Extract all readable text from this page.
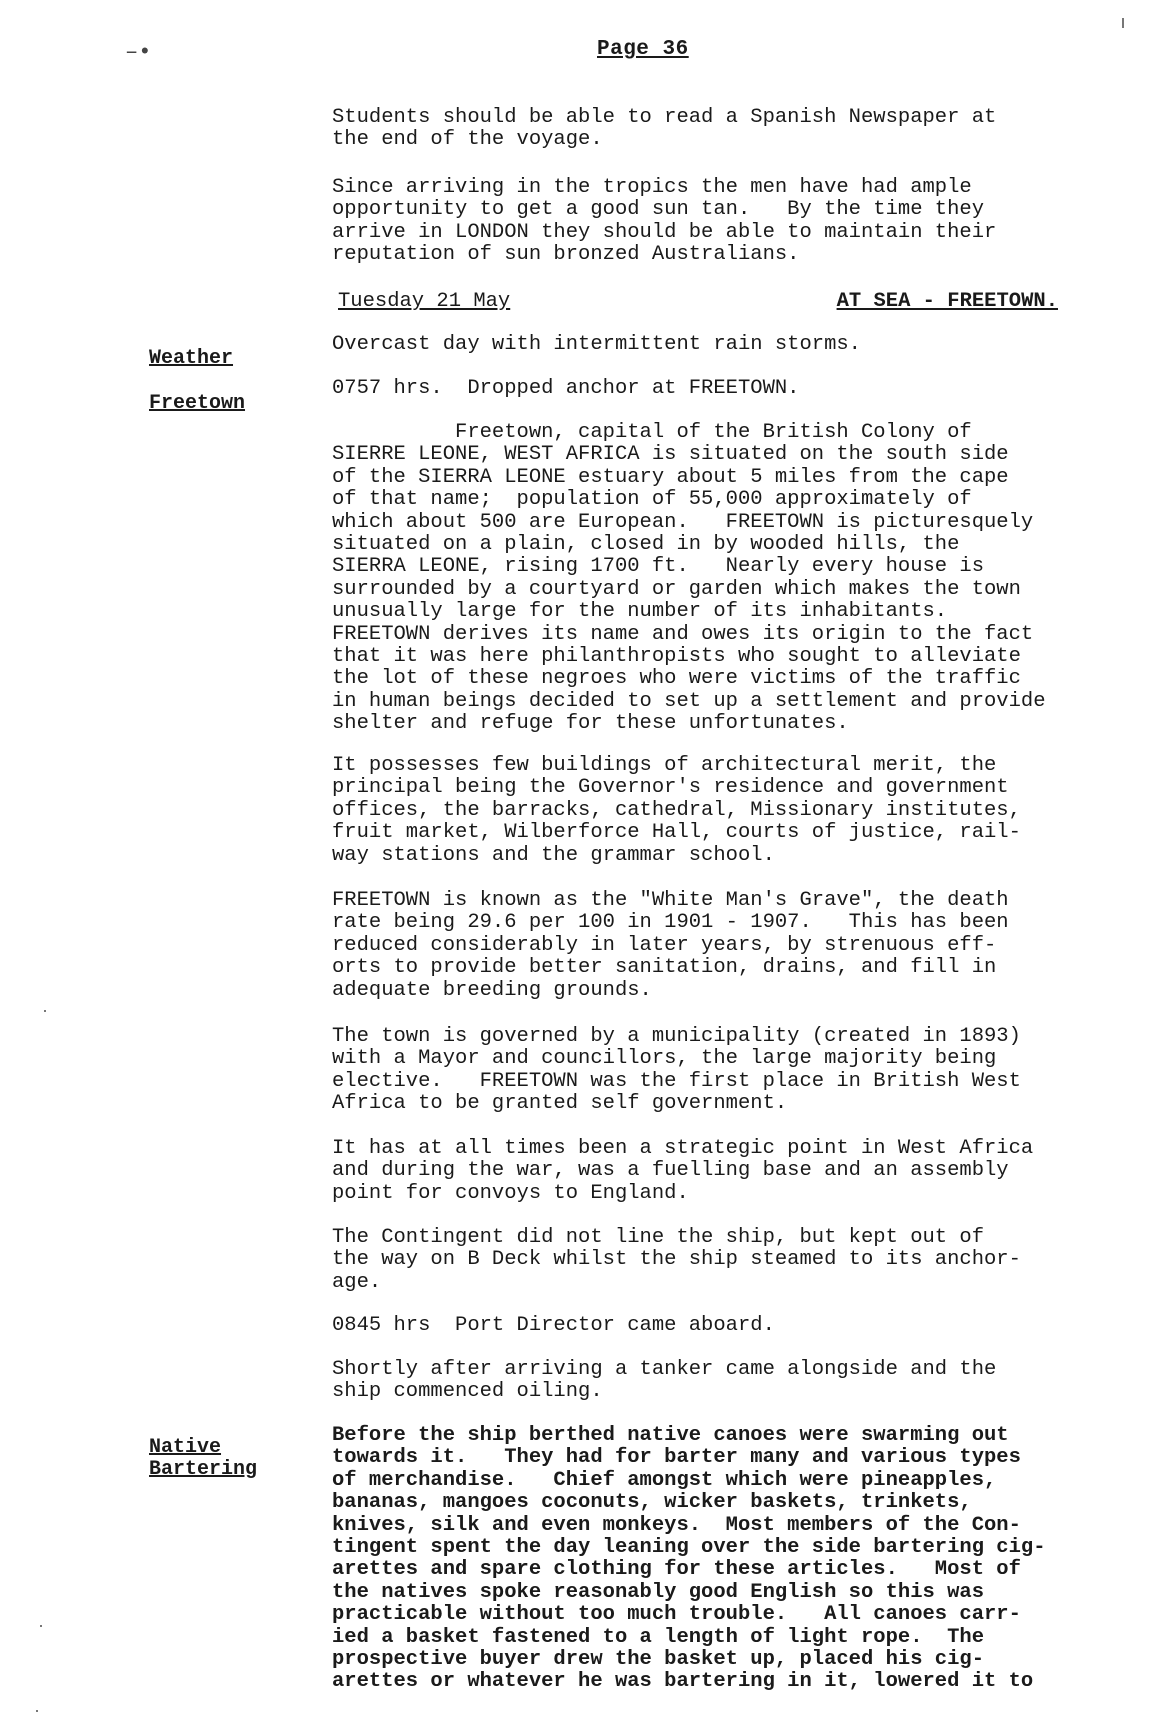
–•	Page 36
Students should be able to read a Spanish Newspaper at
the end of the voyage.
Since arriving in the tropics the men have had ample
opportunity to get a good sun tan.   By the time they
arrive in LONDON they should be able to maintain their
reputation of sun bronzed Australians.
Tuesday 21 May	AT SEA - FREETOWN.
Weather
Overcast day with intermittent rain storms.
Freetown
0757 hrs.  Dropped anchor at FREETOWN.
Freetown, capital of the British Colony of
SIERRE LEONE, WEST AFRICA is situated on the south side
of the SIERRA LEONE estuary about 5 miles from the cape
of that name;  population of 55,000 approximately of
which about 500 are European.   FREETOWN is picturesquely
situated on a plain, closed in by wooded hills, the
SIERRA LEONE, rising 1700 ft.   Nearly every house is
surrounded by a courtyard or garden which makes the town
unusually large for the number of its inhabitants.
FREETOWN derives its name and owes its origin to the fact
that it was here philanthropists who sought to alleviate
the lot of these negroes who were victims of the traffic
in human beings decided to set up a settlement and provide
shelter and refuge for these unfortunates.
It possesses few buildings of architectural merit, the
principal being the Governor's residence and government
offices, the barracks, cathedral, Missionary institutes,
fruit market, Wilberforce Hall, courts of justice, rail-
way stations and the grammar school.
FREETOWN is known as the "White Man's Grave", the death
rate being 29.6 per 100 in 1901 - 1907.   This has been
reduced considerably in later years, by strenuous eff-
orts to provide better sanitation, drains, and fill in
adequate breeding grounds.
The town is governed by a municipality (created in 1893)
with a Mayor and councillors, the large majority being
elective.   FREETOWN was the first place in British West
Africa to be granted self government.
It has at all times been a strategic point in West Africa
and during the war, was a fuelling base and an assembly
point for convoys to England.
The Contingent did not line the ship, but kept out of
the way on B Deck whilst the ship steamed to its anchor-
age.
0845 hrs  Port Director came aboard.
Shortly after arriving a tanker came alongside and the
ship commenced oiling.
Native
Bartering
Before the ship berthed native canoes were swarming out
towards it.   They had for barter many and various types
of merchandise.   Chief amongst which were pineapples,
bananas, mangoes coconuts, wicker baskets, trinkets,
knives, silk and even monkeys.  Most members of the Con-
tingent spent the day leaning over the side bartering cig-
arettes and spare clothing for these articles.   Most of
the natives spoke reasonably good English so this was
practicable without too much trouble.   All canoes carr-
ied a basket fastened to a length of light rope.  The
prospective buyer drew the basket up, placed his cig-
arettes or whatever he was bartering in it, lowered it to
